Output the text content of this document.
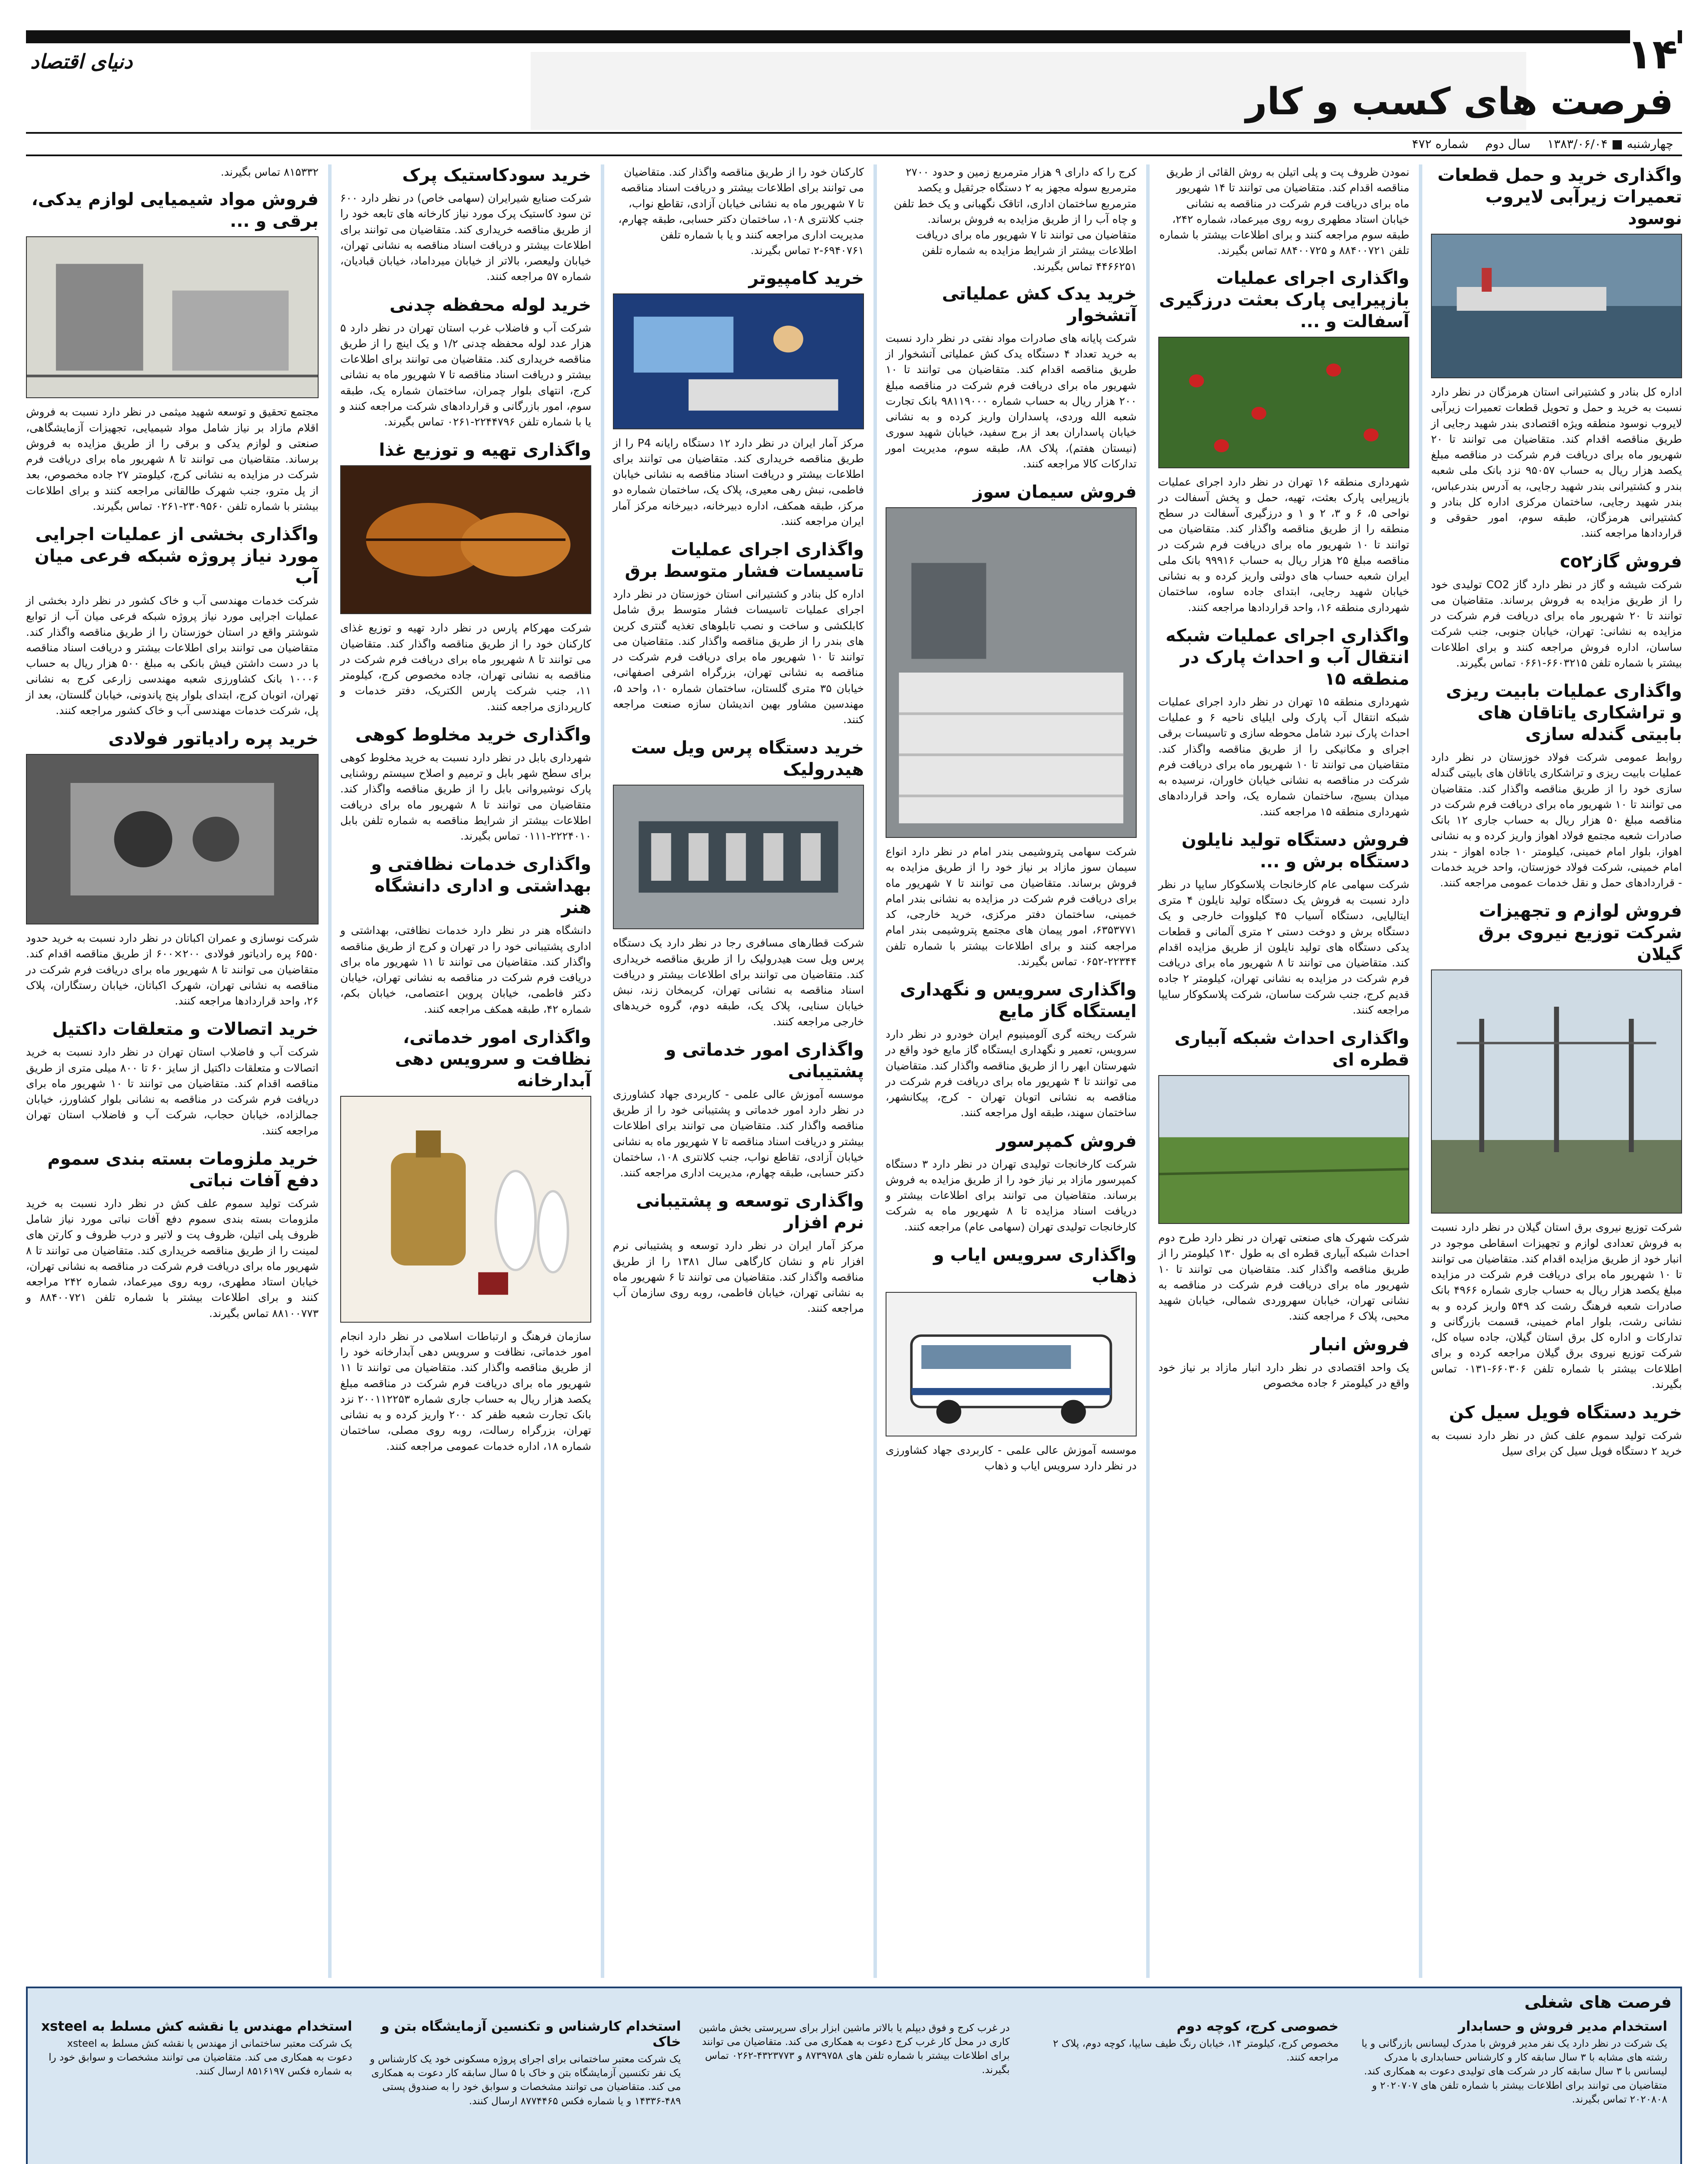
۱۴
دنیای اقتصاد
فرصت های کسب و کار
چهارشنبه ■ ۱۳۸۳/۰۶/۰۴ سال دوم شماره ۴۷۲
واگذاری خرید و حمل قطعات تعمیرات زیرآبی لایروب نوسود

اداره کل بنادر و کشتیرانی استان هرمزگان در نظر دارد نسبت به خرید و حمل و تحویل قطعات تعمیرات زیرآبی لایروب نوسود منطقه ویژه اقتصادی بندر شهید رجایی از طریق مناقصه اقدام کند. متقاضیان می توانند تا ۲۰ شهریور ماه برای دریافت فرم شرکت در مناقصه مبلغ یکصد هزار ریال به حساب ۹۵۰۵۷ نزد بانک ملی شعبه بندر و کشتیرانی بندر شهید رجایی، به آدرس بندرعباس، بندر شهید رجایی، ساختمان مرکزی اداره کل بنادر و کشتیرانی هرمزگان، طبقه سوم، امور حقوقی و قراردادها مراجعه کنند.

فروش گازco۲

شرکت شیشه و گاز در نظر دارد گاز CO2 تولیدی خود را از طریق مزایده به فروش برساند. متقاضیان می توانند تا ۲۰ شهریور ماه برای دریافت فرم شرکت در مزایده به نشانی: تهران، خیابان جنوبی، جنب شرکت ساسان، اداره فروش مراجعه کنند و برای اطلاعات بیشتر با شماره تلفن ۶۶۰۳۲۱۵-۰۶۶۱ تماس بگیرند.

واگذاری عملیات بابیت ریزی و تراشکاری یاتاقان های بابیتی گندله سازی

روابط عمومی شرکت فولاد خوزستان در نظر دارد عملیات بابیت ریزی و تراشکاری یاتاقان های بابیتی گندله سازی خود را از طریق مناقصه واگذار کند. متقاضیان می توانند تا ۱۰ شهریور ماه برای دریافت فرم شرکت در مناقصه مبلغ ۵۰ هزار ریال به حساب جاری ۱۲ بانک صادرات شعبه مجتمع فولاد اهواز واریز کرده و به نشانی اهواز، بلوار امام خمینی، کیلومتر ۱۰ جاده اهواز - بندر امام خمینی، شرکت فولاد خوزستان، واحد خرید خدمات - قراردادهای حمل و نقل خدمات عمومی مراجعه کنند.

فروش لوازم و تجهیزات شرکت توزیع نیروی برق گیلان

شرکت توزیع نیروی برق استان گیلان در نظر دارد نسبت به فروش تعدادی لوازم و تجهیزات اسقاطی موجود در انبار خود از طریق مزایده اقدام کند. متقاضیان می توانند تا ۱۰ شهریور ماه برای دریافت فرم شرکت در مزایده مبلغ یکصد هزار ریال به حساب جاری شماره ۴۹۶۶ بانک صادرات شعبه فرهنگ رشت کد ۵۴۹ واریز کرده و به نشانی رشت، بلوار امام خمینی، قسمت بازرگانی و تدارکات و اداره کل برق استان گیلان، جاده سیاه کل، شرکت توزیع نیروی برق گیلان مراجعه کرده و برای اطلاعات بیشتر با شماره تلفن ۶۶۰۳۰۶-۰۱۳۱ تماس بگیرند.

خرید دستگاه فویل سیل کن

شرکت تولید سموم علف کش در نظر دارد نسبت به خرید ۲ دستگاه فویل سیل کن برای سیل

نمودن ظروف پت و پلی اتیلن به روش القائی از طریق مناقصه اقدام کند. متقاضیان می توانند تا ۱۴ شهریور ماه برای دریافت فرم شرکت در مناقصه به نشانی خیابان استاد مطهری روبه روی میرعماد، شماره ۲۴۲، طبقه سوم مراجعه کنند و برای اطلاعات بیشتر با شماره تلفن ۸۸۴۰۰۷۲۱ و ۸۸۴۰۰۷۲۵ تماس بگیرند.

واگذاری اجرای عملیات بازپیرایی پارک بعثت درزگیری آسفالت و ...

شهرداری منطقه ۱۶ تهران در نظر دارد اجرای عملیات بازپیرایی پارک بعثت، تهیه، حمل و پخش آسفالت در نواحی ۵، ۶ و ۳، ۲ و ۱ و درزگیری آسفالت در سطح منطقه را از طریق مناقصه واگذار کند. متقاضیان می توانند تا ۱۰ شهریور ماه برای دریافت فرم شرکت در مناقصه مبلغ ۲۵ هزار ریال به حساب ۹۹۹۱۶ بانک ملی ایران شعبه حساب های دولتی واریز کرده و به نشانی خیابان شهید رجایی، ابتدای جاده ساوه، ساختمان شهرداری منطقه ۱۶، واحد قراردادها مراجعه کنند.

واگذاری اجرای عملیات شبکه انتقال آب و احداث پارک در منطقه ۱۵

شهرداری منطقه ۱۵ تهران در نظر دارد اجرای عملیات شبکه انتقال آب پارک ولی ایلیای ناحیه ۶ و عملیات احداث پارک نبرد شامل محوطه سازی و تاسیسات برقی اجرای و مکانیکی را از طریق مناقصه واگذار کند. متقاضیان می توانند تا ۱۰ شهریور ماه برای دریافت فرم شرکت در مناقصه به نشانی خیابان خاوران، نرسیده به میدان بسیج، ساختمان شماره یک، واحد قراردادهای شهرداری منطقه ۱۵ مراجعه کنند.

فروش دستگاه تولید نایلون دستگاه برش و ...

شرکت سهامی عام کارخانجات پلاسکوکار سایپا در نظر دارد نسبت به فروش یک دستگاه تولید نایلون ۴ متری ایتالیایی، دستگاه آسیاب ۴۵ کیلووات خارجی و یک دستگاه برش و دوخت دستی ۲ متری آلمانی و قطعات یدکی دستگاه های تولید نایلون از طریق مزایده اقدام کند. متقاضیان می توانند تا ۸ شهریور ماه برای دریافت فرم شرکت در مزایده به نشانی تهران، کیلومتر ۲ جاده قدیم کرج، جنب شرکت ساسان، شرکت پلاسکوکار سایپا مراجعه کنند.

واگذاری احداث شبکه آبیاری قطره ای

شرکت شهرک های صنعتی تهران در نظر دارد طرح دوم احداث شبکه آبیاری قطره ای به طول ۱۳۰ کیلومتر را از طریق مناقصه واگذار کند. متقاضیان می توانند تا ۱۰ شهریور ماه برای دریافت فرم شرکت در مناقصه به نشانی تهران، خیابان سهروردی شمالی، خیابان شهید محبی، پلاک ۶ مراجعه کنند.

فروش انبار

یک واحد اقتصادی در نظر دارد انبار مازاد بر نیاز خود واقع در کیلومتر ۶ جاده مخصوص

کرج را که دارای ۹ هزار مترمربع زمین و حدود ۲۷۰۰ مترمربع سوله مجهز به ۲ دستگاه جرثقیل و یکصد مترمربع ساختمان اداری، اتاقک نگهبانی و یک خط تلفن و چاه آب را از طریق مزایده به فروش برساند. متقاضیان می توانند تا ۷ شهریور ماه برای دریافت اطلاعات بیشتر از شرایط مزایده به شماره تلفن ۴۴۶۶۲۵۱ تماس بگیرند.

خرید یدک کش عملیاتی آتشخوار

شرکت پایانه های صادرات مواد نفتی در نظر دارد نسبت به خرید تعداد ۴ دستگاه یدک کش عملیاتی آتشخوار از طریق مناقصه اقدام کند. متقاضیان می توانند تا ۱۰ شهریور ماه برای دریافت فرم شرکت در مناقصه مبلغ ۲۰۰ هزار ریال به حساب شماره ۹۸۱۱۹۰۰۰ بانک تجارت شعبه الله وردی، پاسداران واریز کرده و به نشانی خیابان پاسداران بعد از برج سفید، خیابان شهید سوری (نیستان هفتم)، پلاک ۸۸، طبقه سوم، مدیریت امور تدارکات کالا مراجعه کنند.

فروش سیمان سوز

شرکت سهامی پتروشیمی بندر امام در نظر دارد انواع سیمان سوز مازاد بر نیاز خود را از طریق مزایده به فروش برساند. متقاضیان می توانند تا ۷ شهریور ماه برای دریافت فرم شرکت در مزایده به نشانی بندر امام خمینی، ساختمان دفتر مرکزی، خرید خارجی، کد ۶۳۵۳۷۷۱، امور پیمان های مجتمع پتروشیمی بندر امام مراجعه کنند و برای اطلاعات بیشتر با شماره تلفن ۲۲۳۴۴-۰۶۵۲ تماس بگیرند.

واگذاری سرویس و نگهداری ایستگاه گاز مایع

شرکت ریخته گری آلومینیوم ایران خودرو در نظر دارد سرویس، تعمیر و نگهداری ایستگاه گاز مایع خود واقع در شهرستان ابهر را از طریق مناقصه واگذار کند. متقاضیان می توانند تا ۴ شهریور ماه برای دریافت فرم شرکت در مناقصه به نشانی اتوبان تهران - کرج، پیکانشهر، ساختمان سهند، طبقه اول مراجعه کنند.

فروش کمپرسور

شرکت کارخانجات تولیدی تهران در نظر دارد ۳ دستگاه کمپرسور مازاد بر نیاز خود را از طریق مزایده به فروش برساند. متقاضیان می توانند برای اطلاعات بیشتر و دریافت اسناد مزایده تا ۸ شهریور ماه به شرکت کارخانجات تولیدی تهران (سهامی عام) مراجعه کنند.

واگذاری سرویس ایاب و ذهاب

موسسه آموزش عالی علمی - کاربردی جهاد کشاورزی در نظر دارد سرویس ایاب و ذهاب

کارکنان خود را از طریق مناقصه واگذار کند. متقاضیان می توانند برای اطلاعات بیشتر و دریافت اسناد مناقصه تا ۷ شهریور ماه به نشانی خیابان آزادی، تقاطع نواب، جنب کلانتری ۱۰۸، ساختمان دکتر حسابی، طبقه چهارم، مدیریت اداری مراجعه کنند و یا با شماره تلفن ۶۹۴۰۷۶۱-۲ تماس بگیرند.

خرید کامپیوتر

مرکز آمار ایران در نظر دارد ۱۲ دستگاه رایانه P4 را از طریق مناقصه خریداری کند. متقاضیان می توانند برای اطلاعات بیشتر و دریافت اسناد مناقصه به نشانی خیابان فاطمی، نبش رهی معیری، پلاک یک، ساختمان شماره دو مرکز، طبقه همکف، اداره دبیرخانه، دبیرخانه مرکز آمار ایران مراجعه کنند.

واگذاری اجرای عملیات تاسیسات فشار متوسط برق

اداره کل بنادر و کشتیرانی استان خوزستان در نظر دارد اجرای عملیات تاسیسات فشار متوسط برق شامل کابلکشی و ساخت و نصب تابلوهای تغذیه گنتری کرین های بندر را از طریق مناقصه واگذار کند. متقاضیان می توانند تا ۱۰ شهریور ماه برای دریافت فرم شرکت در مناقصه به نشانی تهران، بزرگراه اشرفی اصفهانی، خیابان ۳۵ متری گلستان، ساختمان شماره ۱۰، واحد ۵، مهندسین مشاور بهین اندیشان سازه صنعت مراجعه کنند.

خرید دستگاه پرس ویل ست هیدرولیک

شرکت قطارهای مسافری رجا در نظر دارد یک دستگاه پرس ویل ست هیدرولیک را از طریق مناقصه خریداری کند. متقاضیان می توانند برای اطلاعات بیشتر و دریافت اسناد مناقصه به نشانی تهران، کریمخان زند، نبش خیابان سنایی، پلاک یک، طبقه دوم، گروه خریدهای خارجی مراجعه کنند.

واگذاری امور خدماتی و پشتیبانی

موسسه آموزش عالی علمی - کاربردی جهاد کشاورزی در نظر دارد امور خدماتی و پشتیبانی خود را از طریق مناقصه واگذار کند. متقاضیان می توانند برای اطلاعات بیشتر و دریافت اسناد مناقصه تا ۷ شهریور ماه به نشانی خیابان آزادی، تقاطع نواب، جنب کلانتری ۱۰۸، ساختمان دکتر حسابی، طبقه چهارم، مدیریت اداری مراجعه کنند.

واگذاری توسعه و پشتیبانی نرم افزار

مرکز آمار ایران در نظر دارد توسعه و پشتیبانی نرم افزار نام و نشان کارگاهی سال ۱۳۸۱ را از طریق مناقصه واگذار کند. متقاضیان می توانند تا ۶ شهریور ماه به نشانی تهران، خیابان فاطمی، روبه روی سازمان آب مراجعه کنند.

خرید سودکاستیک پرک

شرکت صنایع شیرایران (سهامی خاص) در نظر دارد ۶۰۰ تن سود کاستیک پرک مورد نیاز کارخانه های تابعه خود را از طریق مناقصه خریداری کند. متقاضیان می توانند برای اطلاعات بیشتر و دریافت اسناد مناقصه به نشانی تهران، خیابان ولیعصر، بالاتر از خیابان میرداماد، خیابان قبادیان، شماره ۵۷ مراجعه کنند.

خرید لوله محفظه چدنی

شرکت آب و فاضلاب غرب استان تهران در نظر دارد ۵ هزار عدد لوله محفظه چدنی ۱/۲ و یک اینچ را از طریق مناقصه خریداری کند. متقاضیان می توانند برای اطلاعات بیشتر و دریافت اسناد مناقصه تا ۷ شهریور ماه به نشانی کرج، انتهای بلوار چمران، ساختمان شماره یک، طبقه سوم، امور بازرگانی و قراردادهای شرکت مراجعه کنند و یا با شماره تلفن ۲۲۴۴۷۹۶-۰۲۶۱ تماس بگیرند.

واگذاری تهیه و توزیع غذا

شرکت مهرکام پارس در نظر دارد تهیه و توزیع غذای کارکنان خود را از طریق مناقصه واگذار کند. متقاضیان می توانند تا ۸ شهریور ماه برای دریافت فرم شرکت در مناقصه به نشانی تهران، جاده مخصوص کرج، کیلومتر ۱۱، جنب شرکت پارس الکتریک، دفتر خدمات و کارپردازی مراجعه کنند.

واگذاری خرید مخلوط کوهی

شهرداری بابل در نظر دارد نسبت به خرید مخلوط کوهی برای سطح شهر بابل و ترمیم و اصلاح سیستم روشنایی پارک نوشیروانی بابل را از طریق مناقصه واگذار کند. متقاضیان می توانند تا ۸ شهریور ماه برای دریافت اطلاعات بیشتر از شرایط مناقصه به شماره تلفن بابل ۲۲۲۴۰۱۰-۰۱۱۱ تماس بگیرند.

واگذاری خدمات نظافتی و بهداشتی و اداری دانشگاه هنر

دانشگاه هنر در نظر دارد خدمات نظافتی، بهداشتی و اداری پشتیبانی خود را در تهران و کرج از طریق مناقصه واگذار کند. متقاضیان می توانند تا ۱۱ شهریور ماه برای دریافت فرم شرکت در مناقصه به نشانی تهران، خیابان دکتر فاطمی، خیابان پروین اعتصامی، خیابان بکم، شماره ۴۲، طبقه همکف مراجعه کنند.

واگذاری امور خدماتی، نظافت و سرویس دهی آبدارخانه

سازمان فرهنگ و ارتباطات اسلامی در نظر دارد انجام امور خدماتی، نظافت و سرویس دهی آبدارخانه خود را از طریق مناقصه واگذار کند. متقاضیان می توانند تا ۱۱ شهریور ماه برای دریافت فرم شرکت در مناقصه مبلغ یکصد هزار ریال به حساب جاری شماره ۲۰۰۱۱۲۲۵۳ نزد بانک تجارت شعبه ظفر کد ۲۰۰ واریز کرده و به نشانی تهران، بزرگراه رسالت، روبه روی مصلی، ساختمان شماره ۱۸، اداره خدمات عمومی مراجعه کنند.

۸۱۵۳۳۲ تماس بگیرند.

فروش مواد شیمیایی لوازم یدکی، برقی و ...

مجتمع تحقیق و توسعه شهید میثمی در نظر دارد نسبت به فروش اقلام مازاد بر نیاز شامل مواد شیمیایی، تجهیزات آزمایشگاهی، صنعتی و لوازم یدکی و برقی را از طریق مزایده به فروش برساند. متقاضیان می توانند تا ۸ شهریور ماه برای دریافت فرم شرکت در مزایده به نشانی کرج، کیلومتر ۲۷ جاده مخصوص، بعد از پل مترو، جنب شهرک طالقانی مراجعه کنند و برای اطلاعات بیشتر با شماره تلفن ۲۳۰۹۵۶۰-۰۲۶۱ تماس بگیرند.

واگذاری بخشی از عملیات اجرایی مورد نیاز پروژه شبکه فرعی میان آب

شرکت خدمات مهندسی آب و خاک کشور در نظر دارد بخشی از عملیات اجرایی مورد نیاز پروژه شبکه فرعی میان آب از توابع شوشتر واقع در استان خوزستان را از طریق مناقصه واگذار کند. متقاضیان می توانند برای اطلاعات بیشتر و دریافت اسناد مناقصه با در دست داشتن فیش بانکی به مبلغ ۵۰۰ هزار ریال به حساب ۱۰۰۰۶ بانک کشاورزی شعبه مهندسی زارعی کرج به نشانی تهران، اتوبان کرج، ابتدای بلوار پنج پاندونی، خیابان گلستان، بعد از پل، شرکت خدمات مهندسی آب و خاک کشور مراجعه کنند.

خرید پره رادیاتور فولادی

شرکت نوسازی و عمران اکباتان در نظر دارد نسبت به خرید حدود ۶۵۵۰ پره رادیاتور فولادی ۲۰۰×۶۰۰ از طریق مناقصه اقدام کند. متقاضیان می توانند تا ۸ شهریور ماه برای دریافت فرم شرکت در مناقصه به نشانی تهران، شهرک اکباتان، خیابان رستگاران، پلاک ۲۶، واحد قراردادها مراجعه کنند.

خرید اتصالات و متعلقات داکتیل

شرکت آب و فاضلاب استان تهران در نظر دارد نسبت به خرید اتصالات و متعلقات داکتیل از سایز ۶۰ تا ۸۰۰ میلی متری از طریق مناقصه اقدام کند. متقاضیان می توانند تا ۱۰ شهریور ماه برای دریافت فرم شرکت در مناقصه به نشانی بلوار کشاورز، خیابان جمالزاده، خیابان حجاب، شرکت آب و فاضلاب استان تهران مراجعه کنند.

خرید ملزومات بسته بندی سموم دفع آفات نباتی

شرکت تولید سموم علف کش در نظر دارد نسبت به خرید ملزومات بسته بندی سموم دفع آفات نباتی مورد نیاز شامل ظروف پلی اتیلن، ظروف پت و لاتیر و درب ظروف و کارتن های لمینت را از طریق مناقصه خریداری کند. متقاضیان می توانند تا ۸ شهریور ماه برای دریافت فرم شرکت در مناقصه به نشانی تهران، خیابان استاد مطهری، روبه روی میرعماد، شماره ۲۴۲ مراجعه کنند و برای اطلاعات بیشتر با شماره تلفن ۸۸۴۰۰۷۲۱ و ۸۸۱۰۰۷۷۳ تماس بگیرند.

فرصت های شغلی
استخدام مدیر فروش و حسابدار

یک شرکت در نظر دارد یک نفر مدیر فروش با مدرک لیسانس بازرگانی و یا رشته های مشابه با ۳ سال سابقه کار و کارشناس حسابداری با مدرک لیسانس با ۳ سال سابقه کار در شرکت های تولیدی دعوت به همکاری کند. متقاضیان می توانند برای اطلاعات بیشتر با شماره تلفن های ۲۰۲۰۷۰۷ و ۲۰۲۰۸۰۸ تماس بگیرند.

خصوصی کرج، کوچه دوم

مخصوص کرج، کیلومتر ۱۴، خیابان رنگ طیف سایپا، کوچه دوم، پلاک ۲ مراجعه کنند.

در غرب کرج و فوق دیپلم یا بالاتر ماشین ابزار برای سرپرستی بخش ماشین کاری در محل کار غرب کرج دعوت به همکاری می کند. متقاضیان می توانند برای اطلاعات بیشتر با شماره تلفن های ۸۷۳۹۷۵۸ و ۴۳۲۳۷۷۳-۰۲۶۲ تماس بگیرند.

استخدام کارشناس و تکنسین آزمایشگاه بتن و خاک

یک شرکت معتبر ساختمانی برای اجرای پروژه مسکونی خود یک کارشناس و یک نفر تکنسین آزمایشگاه بتن و خاک با ۵ سال سابقه کار دعوت به همکاری می کند. متقاضیان می توانند مشخصات و سوابق خود را به صندوق پستی ۴۸۹-۱۴۳۳۶ و یا شماره فکس ۸۷۷۴۴۶۵ ارسال کنند.

استخدام مهندس یا نقشه کش مسلط به xsteel

یک شرکت معتبر ساختمانی از مهندس یا نقشه کش مسلط به xsteel دعوت به همکاری می کند. متقاضیان می توانند مشخصات و سوابق خود را به شماره فکس ۸۵۱۶۱۹۷ ارسال کنند.
